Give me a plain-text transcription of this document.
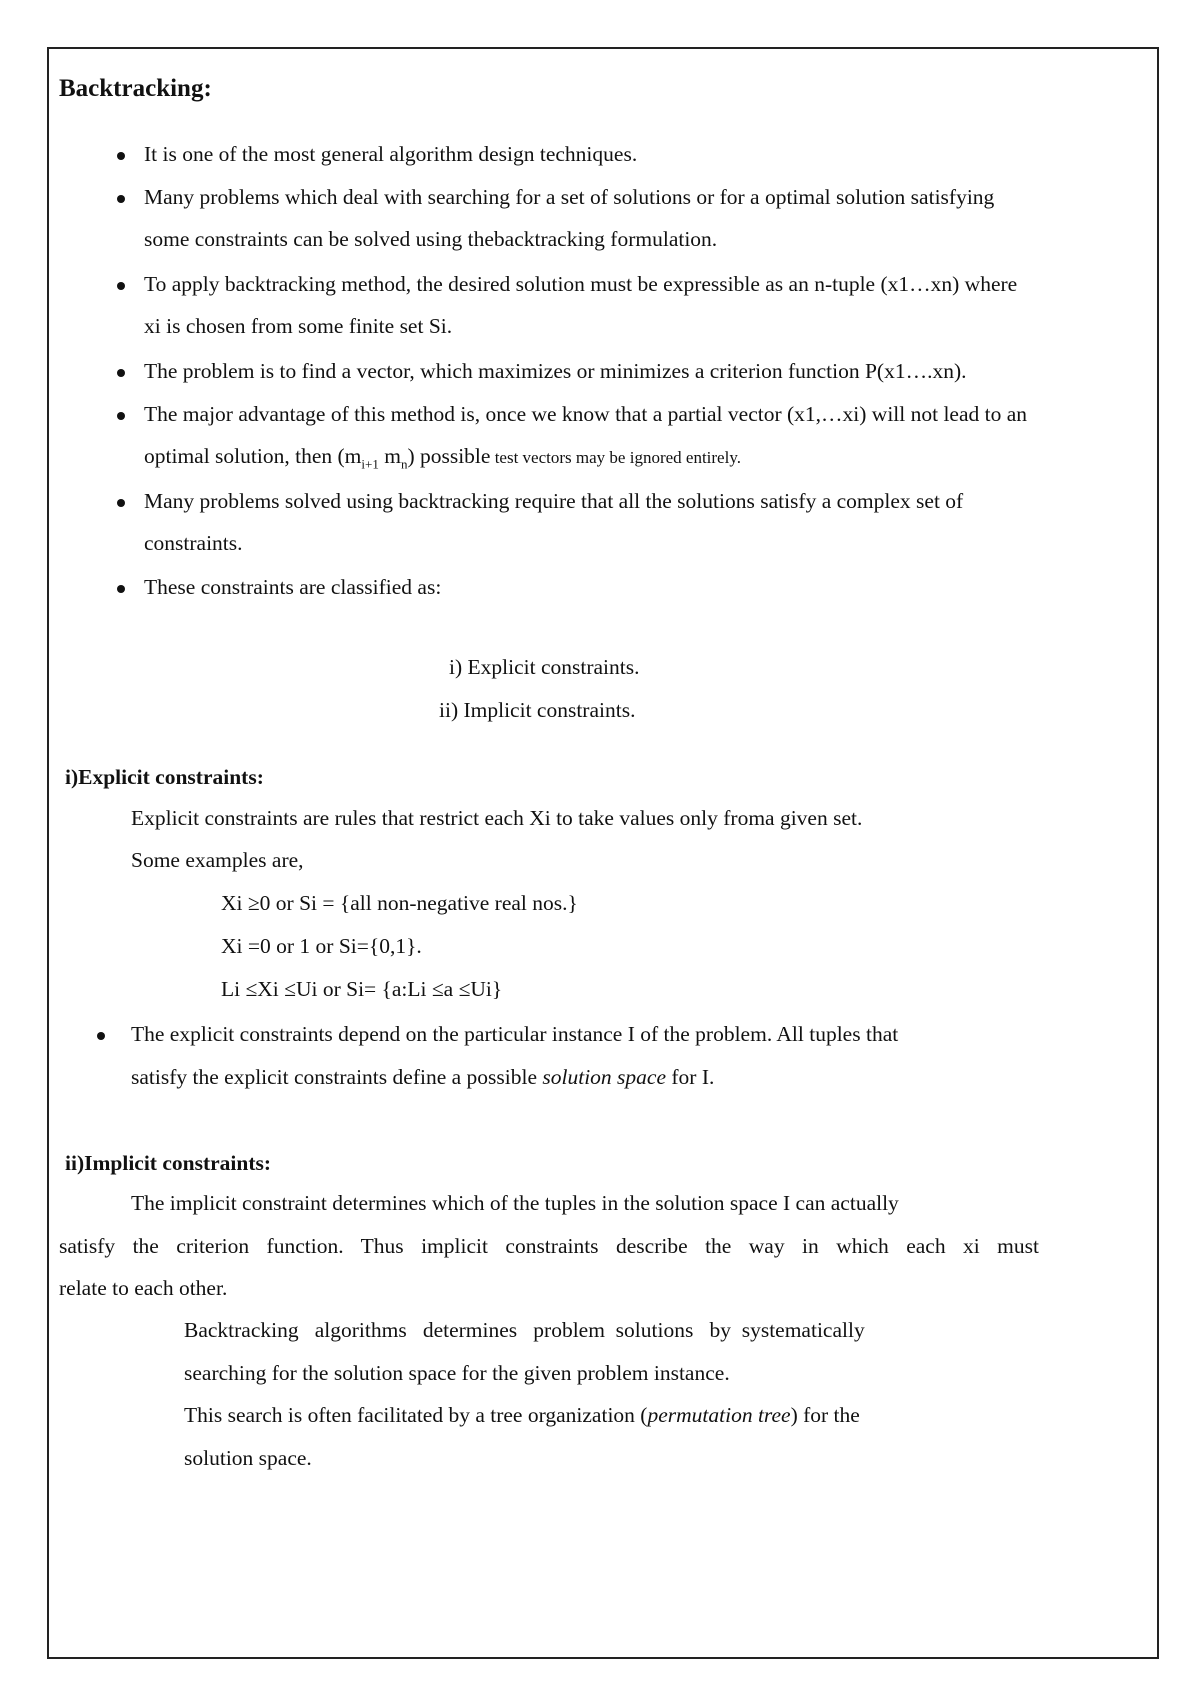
Backtracking:
It is one of the most general algorithm design techniques.
Many problems which deal with searching for a set of solutions or for a optimal solution satisfying
some constraints can be solved using thebacktracking formulation.
To apply backtracking method, the desired solution must be expressible as an n-tuple (x1…xn) where
xi is chosen from some finite set Si.
The problem is to find a vector, which maximizes or minimizes a criterion function P(x1….xn).
The major advantage of this method is, once we know that a partial vector (x1,…xi) will not lead to an
optimal solution, then ($m_{i+1}$ $m_n$) possible test vectors may be ignored entirely.
Many problems solved using backtracking require that all the solutions satisfy a complex set of
constraints.
These constraints are classified as:
i) Explicit constraints.
ii) Implicit constraints.
i)Explicit constraints:
Explicit constraints are rules that restrict each Xi to take values only froma given set.
Some examples are,
Xi ≥0 or Si = {all non-negative real nos.}
Xi =0 or 1 or Si={0,1}.
Li ≤Xi ≤Ui or Si= {a:Li ≤a ≤Ui}
The explicit constraints depend on the particular instance I of the problem. All tuples that
satisfy the explicit constraints define a possible solution space for I.
ii)Implicit constraints:
The implicit constraint determines which of the tuples in the solution space I can actually
satisfy the criterion function. Thus implicit constraints describe the way in which each xi must
relate to each other.
Backtracking   algorithms   determines   problem  solutions   by  systematically
searching for the solution space for the given problem instance.
This search is often facilitated by a tree organization (permutation tree) for the
solution space.
